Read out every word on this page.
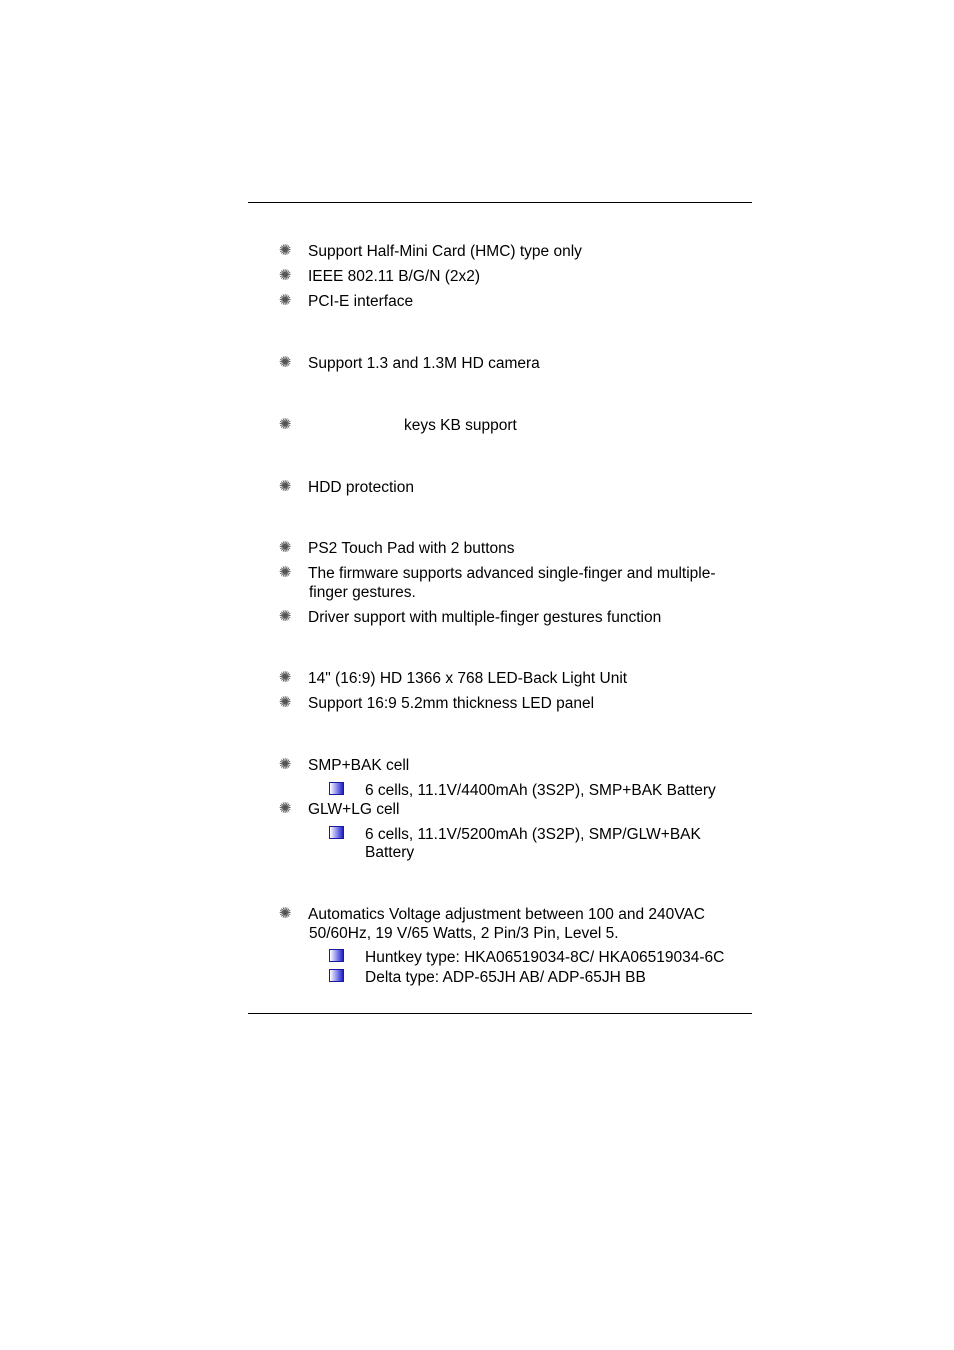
✺ Support Half-Mini Card (HMC) type only
✺ IEEE 802.11 B/G/N (2x2)
✺ PCI-E interface
✺ Support 1.3 and 1.3M HD camera
✺	keys KB support
✺ HDD protection
✺ PS2 Touch Pad with 2 buttons
✺ The firmware supports advanced single-finger and multiple-
finger gestures.
✺ Driver support with multiple-finger gestures function
✺ 14" (16:9) HD 1366 x 768 LED-Back Light Unit
✺ Support 16:9 5.2mm thickness LED panel
✺ SMP+BAK cell
6 cells, 11.1V/4400mAh (3S2P), SMP+BAK Battery
✺ GLW+LG cell
6 cells, 11.1V/5200mAh (3S2P), SMP/GLW+BAK
Battery
✺ Automatics Voltage adjustment between 100 and 240VAC
50/60Hz, 19 V/65 Watts, 2 Pin/3 Pin, Level 5.
Huntkey type: HKA06519034-8C/ HKA06519034-6C
Delta type: ADP-65JH AB/ ADP-65JH BB
